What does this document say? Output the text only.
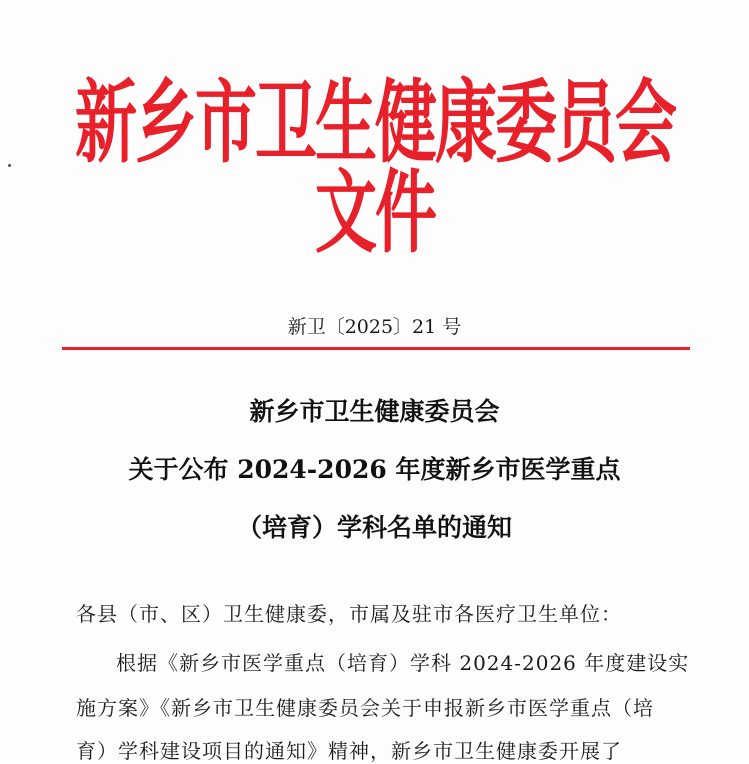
新乡市卫生健康委员会文件
新卫〔2025〕21 号
新乡市卫生健康委员会
关于公布 2024-2026 年度新乡市医学重点
（培育）学科名单的通知
各县（市、区）卫生健康委，市属及驻市各医疗卫生单位：
根据《新乡市医学重点（培育）学科 2024-2026 年度建设实
施方案》《新乡市卫生健康委员会关于申报新乡市医学重点（培
育）学科建设项目的通知》精神，新乡市卫生健康委开展了
